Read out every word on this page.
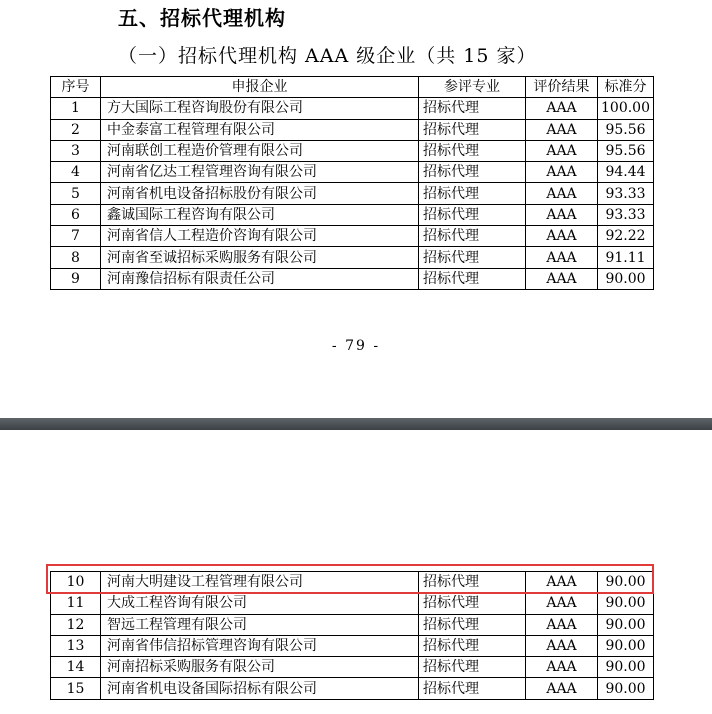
五、招标代理机构
（一）招标代理机构 AAA 级企业（共 15 家）
序号	申报企业	参评专业	评价结果	标准分
1	方大国际工程咨询股份有限公司	招标代理	AAA	100.00
2	中金泰富工程管理有限公司	招标代理	AAA	95.56
3	河南联创工程造价管理有限公司	招标代理	AAA	95.56
4	河南省亿达工程管理咨询有限公司	招标代理	AAA	94.44
5	河南省机电设备招标股份有限公司	招标代理	AAA	93.33
6	鑫诚国际工程咨询有限公司	招标代理	AAA	93.33
7	河南省信人工程造价咨询有限公司	招标代理	AAA	92.22
8	河南省至诚招标采购服务有限公司	招标代理	AAA	91.11
9	河南豫信招标有限责任公司	招标代理	AAA	90.00
- 79 -
10	河南大明建设工程管理有限公司	招标代理	AAA	90.00
11	大成工程咨询有限公司	招标代理	AAA	90.00
12	智远工程管理有限公司	招标代理	AAA	90.00
13	河南省伟信招标管理咨询有限公司	招标代理	AAA	90.00
14	河南招标采购服务有限公司	招标代理	AAA	90.00
15	河南省机电设备国际招标有限公司	招标代理	AAA	90.00
